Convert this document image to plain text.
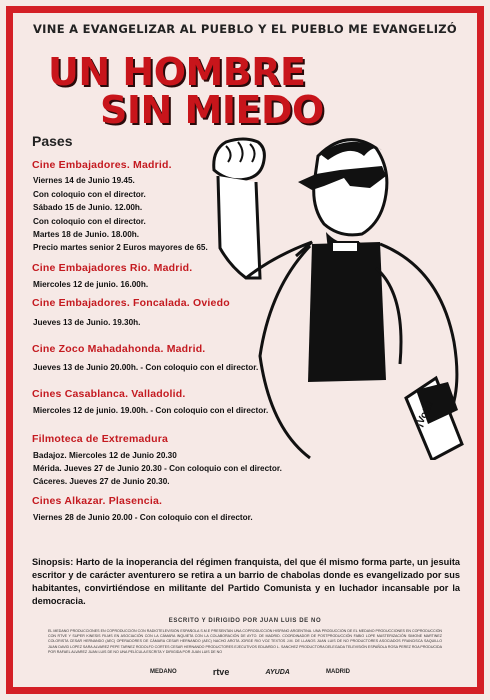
VINE A EVANGELIZAR AL PUEBLO Y EL PUEBLO ME EVANGELIZÓ
UN HOMBRE
SIN MIEDO
Pases
Cine Embajadores. Madrid.
Viernes 14 de Junio 19.45.
Con coloquio con el director.
Sábado 15 de Junio. 12.00h.
Con coloquio con el director.
Martes 18 de Junio. 18.00h.
Precio martes senior 2 Euros mayores de 65.
Cine Embajadores Rio. Madrid.
Miercoles 12 de junio. 16.00h.
Cine Embajadores. Foncalada. Oviedo
Jueves 13 de Junio. 19.30h.
Cine Zoco Mahadahonda. Madrid.
Jueves 13 de Junio 20.00h. - Con coloquio con el director.
Cines Casablanca. Valladolid.
Miercoles 12 de junio. 19.00h. - Con coloquio con el director.
Filmoteca de Extremadura
Badajoz. Miercoles 12 de Junio 20.30
Mérida. Jueves 27 de Junio 20.30 - Con coloquio con el director.
Cáceres. Jueves 27 de Junio 20.30.
Cines Alkazar. Plasencia.
Viernes 28 de Junio 20.00 - Con coloquio con el director.
¡Vota!
Sinopsis: Harto de la inoperancia del régimen franquista, del que él mismo forma parte, un jesuita escritor y de carácter aventurero se retira a un barrio de chabolas donde es evangelizado por sus habitantes, convirtiéndose en militante del Partido Comunista y en luchador incansable por la democracia.
ESCRITO Y DIRIGIDO POR JUAN LUIS DE NO
EL MEDANO PRODUCCIONES EN COPRODUCCIÓN CON RADIOTELEVISIÓN ESPAÑOLA S.M.E PRESENTAN UNA COPRODUCCIÓN HISPANO ARGENTINA. UNA PRODUCCIÓN DE EL MEDANO PRODUCCIONES EN COPRODUCCIÓN CON RTVE Y SUPER KINESIS FILMS EN ASOCIACIÓN CON LA CÁMARA INQUIETA CON LA COLABORACIÓN DE AYTO. DE MADRID. COORDINADOR DE POSTPRODUCCIÓN FABIO LOPE MASTERIZACIÓN SIMONE MARTINEZ COLORISTA CESAR HERNANDO (AEC) OPERADORES DE CÁMARA CESAR HERNANDO (AEC) NACHO AROTA JORGE RIO VOZ TEXTOS J.M. DE LLANOS JUAN LUIS DE NO PRODUCTORES ASOCIADOS FRANCISCA SAQUILLO JUAN DAVID LOPEZ SARA ALVAREZ PEPE TARNEZ RODOLFO CORTES CESAR HERNANDO PRODUCTORES EJECUTIVOS EDUARDO L. SANCHEZ PRODUCTORA DELEGADA TELEVISIÓN ESPAÑOLA ROSA PEREZ ROA PRODUCIDA POR RAFAEL ALVAREZ JUAN LUIS DE NO UNA PELÍCULA ESCRITA Y DIRIGIDA POR JUAN LUIS DE NO
MEDANO	rtve	AYUDA	MADRID
